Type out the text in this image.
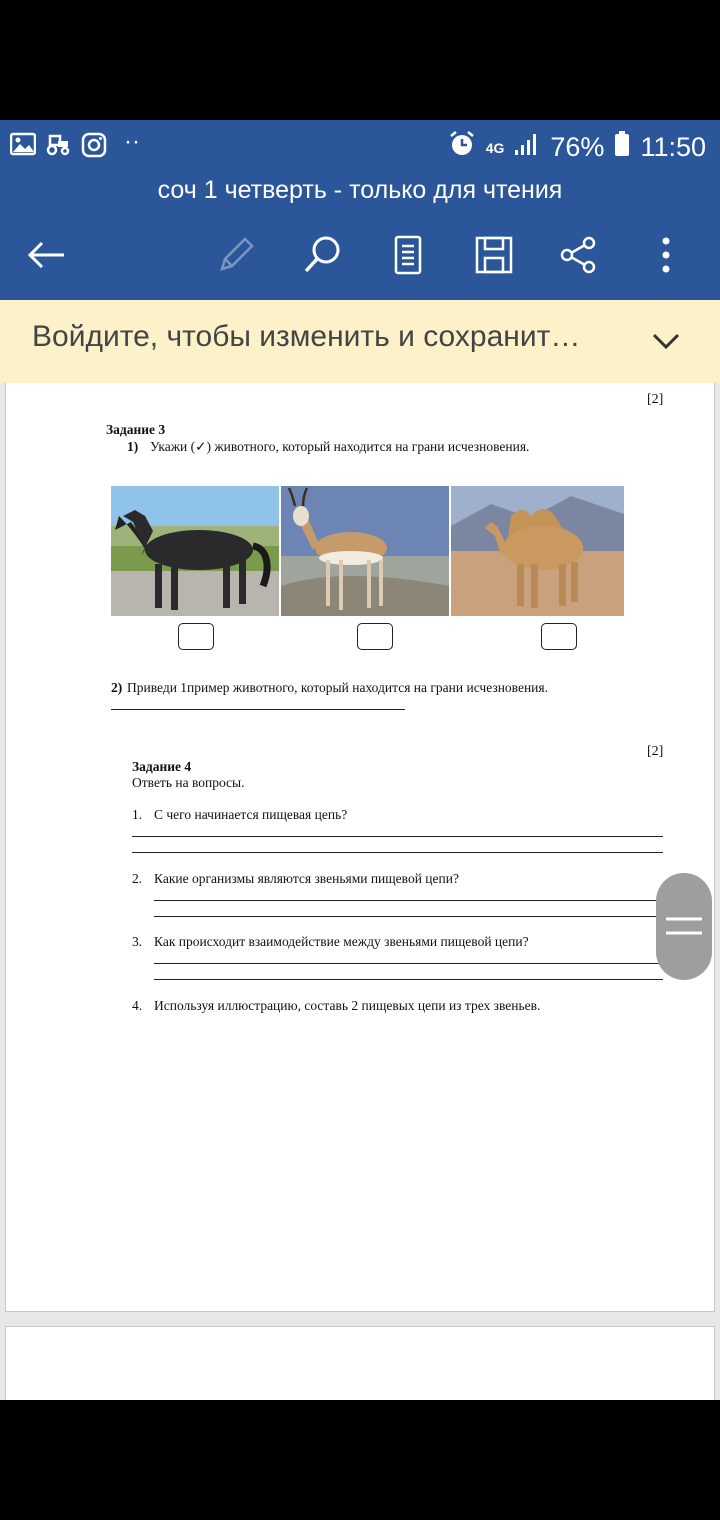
··	4G 76% 11:50
соч 1 четверть - только для чтения
Войдите, чтобы изменить и сохранит…
[2]
Задание 3
1) Укажи (✓) животного, который находится на грани исчезновения.
2) Приведи 1пример животного, который находится на грани исчезновения.
[2]
Задание 4
Ответь на вопросы.
1. С чего начинается пищевая цепь?
2. Какие организмы являются звеньями пищевой цепи?
3. Как происходит взаимодействие между звеньями пищевой цепи?
4. Используя иллюстрацию, составь 2 пищевых цепи из трех звеньев.
